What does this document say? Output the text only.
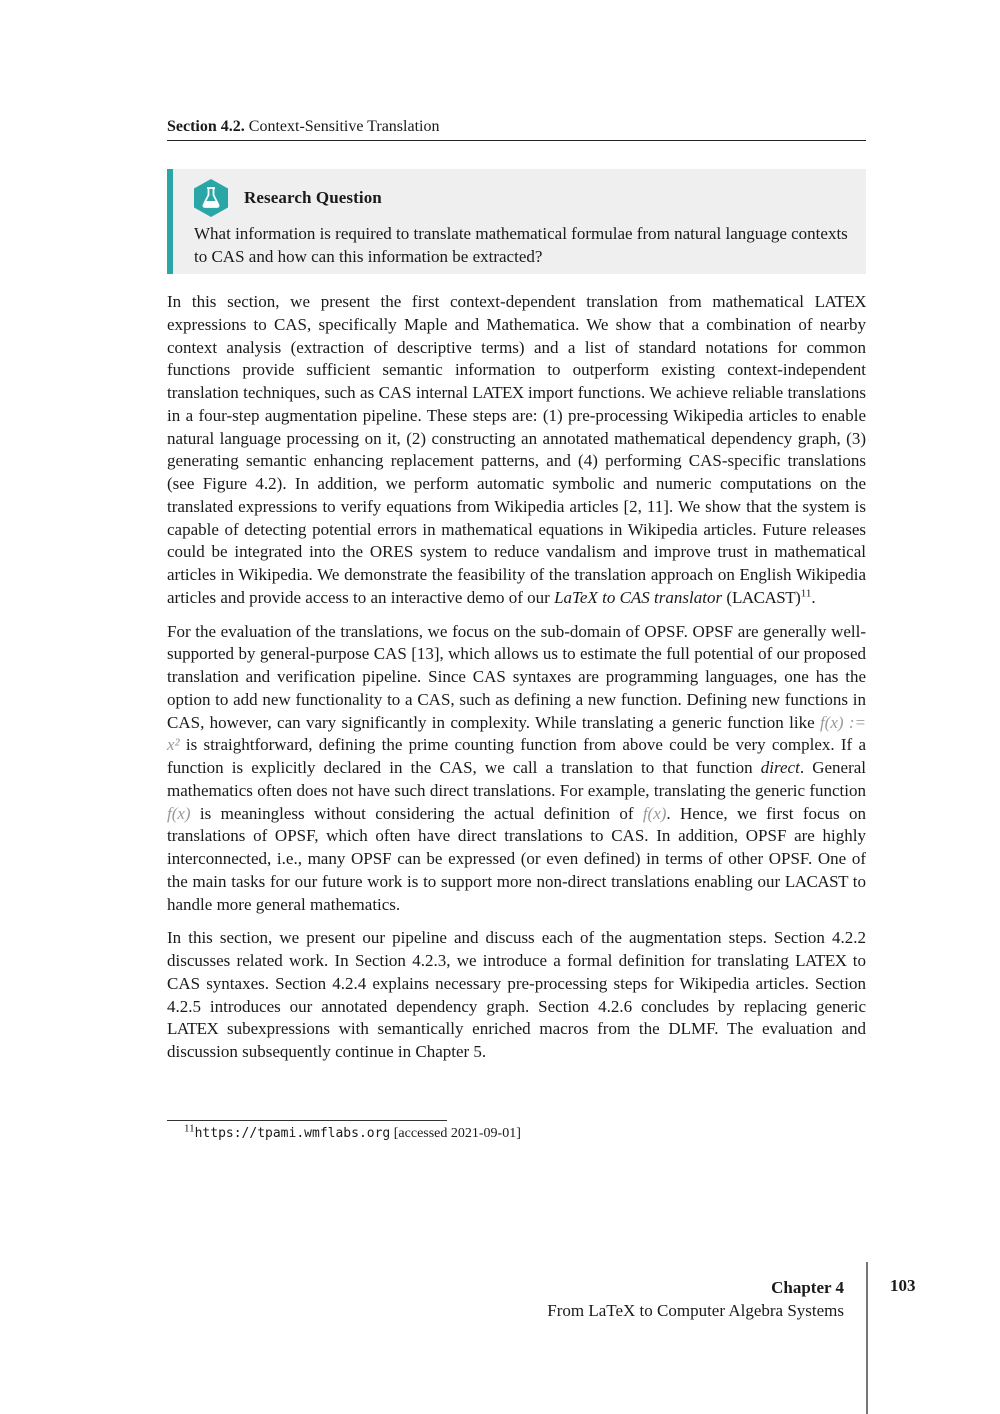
Section 4.2. Context-Sensitive Translation
Research Question
What information is required to translate mathematical formulae from natural language contexts to CAS and how can this information be extracted?

In this section, we present the first context-dependent translation from mathematical LATEX expressions to CAS, specifically Maple and Mathematica. We show that a combination of nearby context analysis (extraction of descriptive terms) and a list of standard notations for common functions provide sufficient semantic information to outperform existing context-independent translation techniques, such as CAS internal LATEX import functions. We achieve reliable translations in a four-step augmentation pipeline. These steps are: (1) pre-processing Wikipedia articles to enable natural language processing on it, (2) constructing an annotated mathematical dependency graph, (3) generating semantic enhancing replacement patterns, and (4) performing CAS-specific translations (see Figure 4.2). In addition, we perform automatic symbolic and numeric computations on the translated expressions to verify equations from Wikipedia articles [2, 11]. We show that the system is capable of detecting potential errors in mathematical equations in Wikipedia articles. Future releases could be integrated into the ORES system to reduce vandalism and improve trust in mathematical articles in Wikipedia. We demonstrate the feasibility of the translation approach on English Wikipedia articles and provide access to an interactive demo of our LaTeX to CAS translator (LACAST)$^{11}$.

For the evaluation of the translations, we focus on the sub-domain of OPSF. OPSF are generally well-supported by general-purpose CAS [13], which allows us to estimate the full potential of our proposed translation and verification pipeline. Since CAS syntaxes are programming languages, one has the option to add new functionality to a CAS, such as defining a new function. Defining new functions in CAS, however, can vary significantly in complexity. While translating a generic function like f(x) := x² is straightforward, defining the prime counting function from above could be very complex. If a function is explicitly declared in the CAS, we call a translation to that function direct. General mathematics often does not have such direct translations. For example, translating the generic function f(x) is meaningless without considering the actual definition of f(x). Hence, we first focus on translations of OPSF, which often have direct translations to CAS. In addition, OPSF are highly interconnected, i.e., many OPSF can be expressed (or even defined) in terms of other OPSF. One of the main tasks for our future work is to support more non-direct translations enabling our LACAST to handle more general mathematics.

In this section, we present our pipeline and discuss each of the augmentation steps. Section 4.2.2 discusses related work. In Section 4.2.3, we introduce a formal definition for translating LATEX to CAS syntaxes. Section 4.2.4 explains necessary pre-processing steps for Wikipedia articles. Section 4.2.5 introduces our annotated dependency graph. Section 4.2.6 concludes by replacing generic LATEX subexpressions with semantically enriched macros from the DLMF. The evaluation and discussion subsequently continue in Chapter 5.

$^{11}$https://tpami.wmflabs.org [accessed 2021-09-01]
Chapter 4
From LaTeX to Computer Algebra Systems
103
